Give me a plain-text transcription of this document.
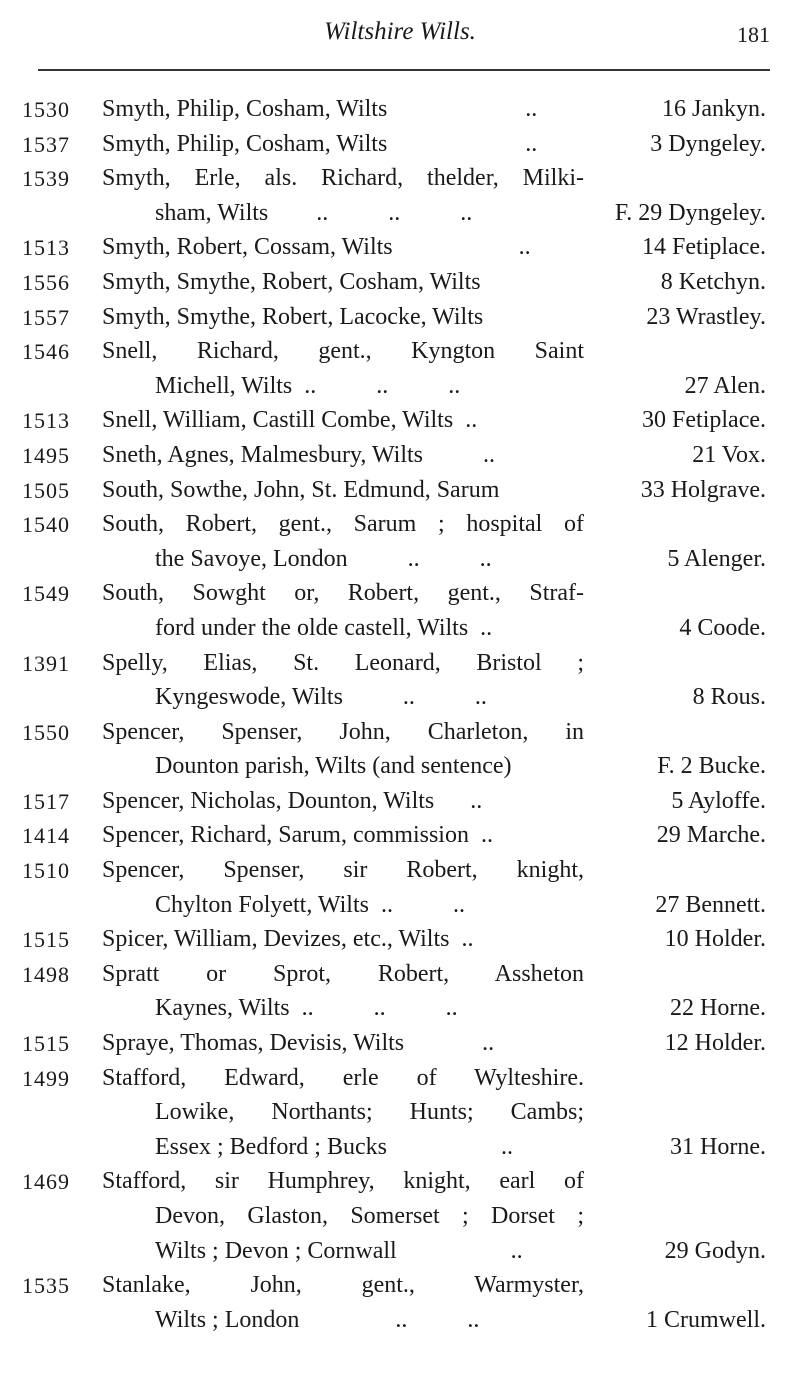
Wiltshire Wills.	181
1530 Smyth, Philip, Cosham, Wilts                       ..	16 Jankyn.
1537 Smyth, Philip, Cosham, Wilts                       ..	3 Dyngeley.
1539 Smyth, Erle, als. Richard, thelder, Milki-
sham, Wilts        ..          ..          ..	F. 29 Dyngeley.
1513 Smyth, Robert, Cossam, Wilts                     ..	14 Fetiplace.
1556 Smyth, Smythe, Robert, Cosham, Wilts	8 Ketchyn.
1557 Smyth, Smythe, Robert, Lacocke, Wilts	23 Wrastley.
1546 Snell, Richard, gent., Kyngton Saint
Michell, Wilts  ..          ..          ..	27 Alen.
1513 Snell, William, Castill Combe, Wilts  ..	30 Fetiplace.
1495 Sneth, Agnes, Malmesbury, Wilts          ..	21 Vox.
1505 South, Sowthe, John, St. Edmund, Sarum	33 Holgrave.
1540 South, Robert, gent., Sarum ; hospital of
the Savoye, London          ..          ..	5 Alenger.
1549 South, Sowght or, Robert, gent., Straf-
ford under the olde castell, Wilts  ..	4 Coode.
1391 Spelly, Elias, St. Leonard, Bristol ;
Kyngeswode, Wilts          ..          ..	8 Rous.
1550 Spencer, Spenser, John, Charleton, in
Dounton parish, Wilts (and sentence)	F. 2 Bucke.
1517 Spencer, Nicholas, Dounton, Wilts      ..	5 Ayloffe.
1414 Spencer, Richard, Sarum, commission  ..	29 Marche.
1510 Spencer, Spenser, sir Robert, knight,
Chylton Folyett, Wilts  ..          ..	27 Bennett.
1515 Spicer, William, Devizes, etc., Wilts  ..	10 Holder.
1498 Spratt or Sprot, Robert, Assheton
Kaynes, Wilts  ..          ..          ..	22 Horne.
1515 Spraye, Thomas, Devisis, Wilts             ..	12 Holder.
1499 Stafford, Edward, erle of Wylteshire.
Lowike, Northants; Hunts; Cambs;
Essex ; Bedford ; Bucks                   ..	31 Horne.
1469 Stafford, sir Humphrey, knight, earl of
Devon, Glaston, Somerset ; Dorset ;
Wilts ; Devon ; Cornwall                   ..	29 Godyn.
1535 Stanlake, John, gent., Warmyster,
Wilts ; London                ..          ..	1 Crumwell.
